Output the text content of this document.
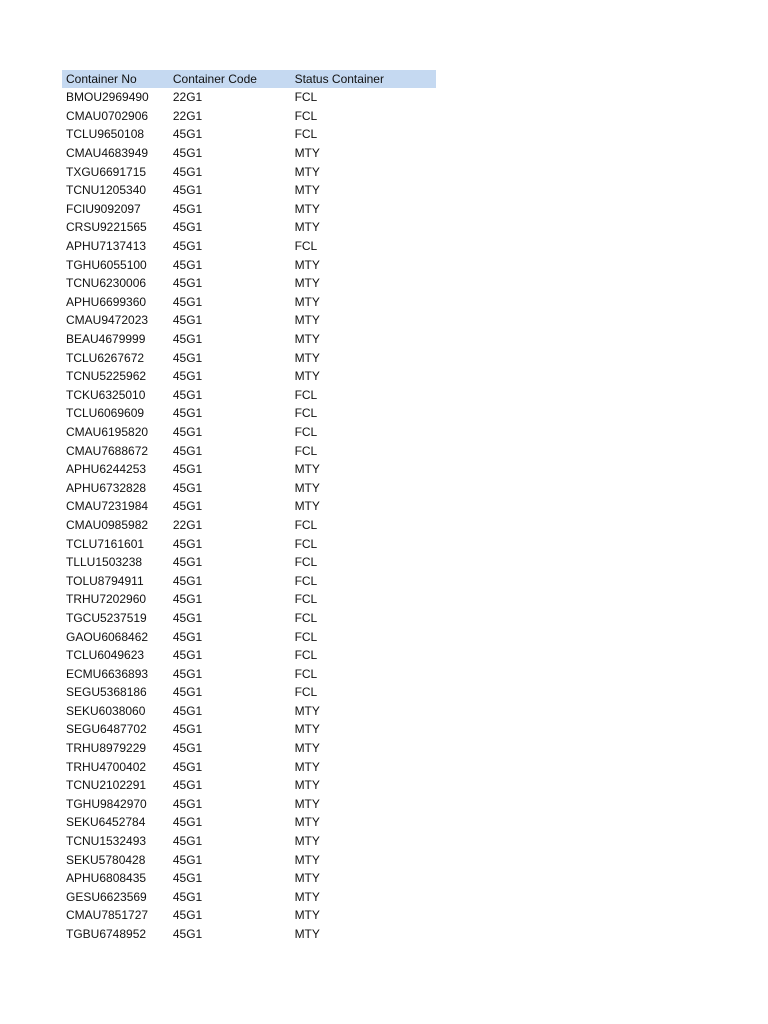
Container No	Container Code	Status Container
BMOU2969490	22G1	FCL
CMAU0702906	22G1	FCL
TCLU9650108	45G1	FCL
CMAU4683949	45G1	MTY
TXGU6691715	45G1	MTY
TCNU1205340	45G1	MTY
FCIU9092097	45G1	MTY
CRSU9221565	45G1	MTY
APHU7137413	45G1	FCL
TGHU6055100	45G1	MTY
TCNU6230006	45G1	MTY
APHU6699360	45G1	MTY
CMAU9472023	45G1	MTY
BEAU4679999	45G1	MTY
TCLU6267672	45G1	MTY
TCNU5225962	45G1	MTY
TCKU6325010	45G1	FCL
TCLU6069609	45G1	FCL
CMAU6195820	45G1	FCL
CMAU7688672	45G1	FCL
APHU6244253	45G1	MTY
APHU6732828	45G1	MTY
CMAU7231984	45G1	MTY
CMAU0985982	22G1	FCL
TCLU7161601	45G1	FCL
TLLU1503238	45G1	FCL
TOLU8794911	45G1	FCL
TRHU7202960	45G1	FCL
TGCU5237519	45G1	FCL
GAOU6068462	45G1	FCL
TCLU6049623	45G1	FCL
ECMU6636893	45G1	FCL
SEGU5368186	45G1	FCL
SEKU6038060	45G1	MTY
SEGU6487702	45G1	MTY
TRHU8979229	45G1	MTY
TRHU4700402	45G1	MTY
TCNU2102291	45G1	MTY
TGHU9842970	45G1	MTY
SEKU6452784	45G1	MTY
TCNU1532493	45G1	MTY
SEKU5780428	45G1	MTY
APHU6808435	45G1	MTY
GESU6623569	45G1	MTY
CMAU7851727	45G1	MTY
TGBU6748952	45G1	MTY
